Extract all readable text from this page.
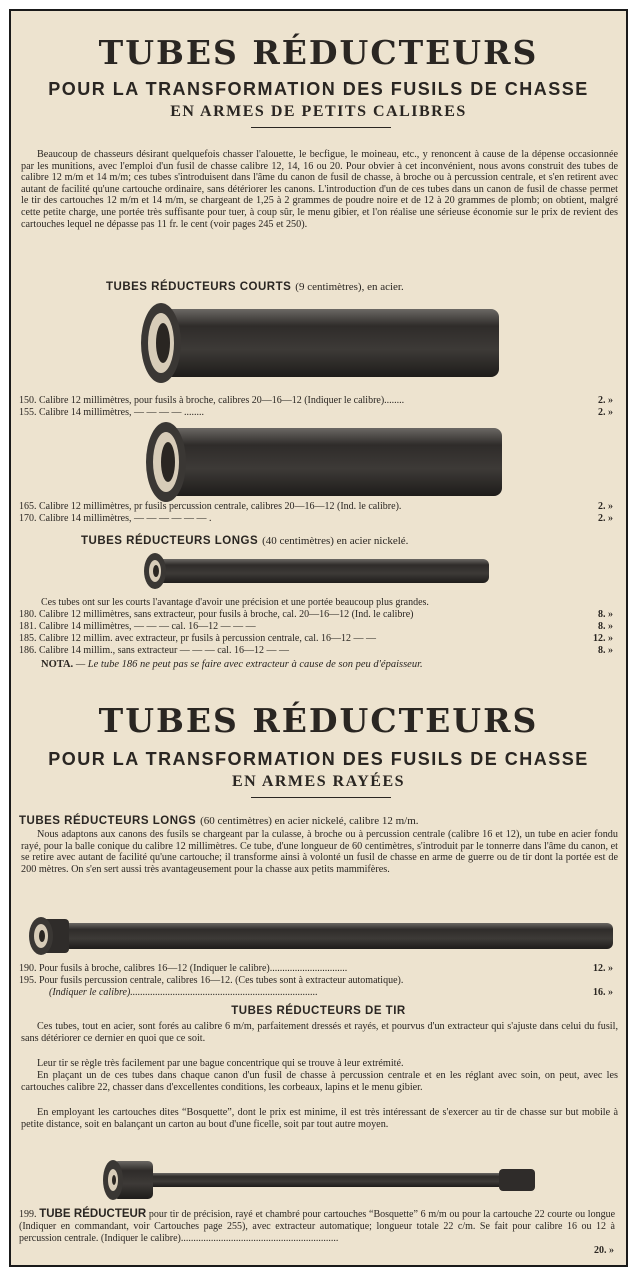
TUBES RÉDUCTEURS
POUR LA TRANSFORMATION DES FUSILS DE CHASSE
EN ARMES DE PETITS CALIBRES
Beaucoup de chasseurs désirant quelquefois chasser l'alouette, le becfigue, le moineau, etc., y renoncent à cause de la dépense occasionnée par les munitions, avec l'emploi d'un fusil de chasse calibre 12, 14, 16 ou 20. Pour obvier à cet inconvénient, nous avons construit des tubes de calibre 12 m/m et 14 m/m; ces tubes s'introduisent dans l'âme du canon de fusil de chasse, à broche ou à percussion centrale, et s'en retirent avec autant de facilité qu'une cartouche ordinaire, sans détériorer les canons. L'introduction d'un de ces tubes dans un canon de fusil de chasse permet le tir des cartouches 12 m/m et 14 m/m, se chargeant de 1,25 à 2 grammes de poudre noire et de 12 à 20 grammes de plomb; on obtient, malgré cette petite charge, une portée très suffisante pour tuer, à coup sûr, le menu gibier, et l'on réalise une sérieuse économie sur le prix de revient des cartouches lequel ne dépasse pas 11 fr. le cent (voir pages 245 et 250).
TUBES RÉDUCTEURS COURTS (9 centimètres), en acier.
150. Calibre 12 millimètres, pour fusils à broche, calibres 20—16—12 (Indiquer le calibre)........	2. »
155. Calibre 14 millimètres, — — — — ........	2. »
165. Calibre 12 millimètres, pr fusils percussion centrale, calibres 20—16—12 (Ind. le calibre).	2. »
170. Calibre 14 millimètres, — — — — — — .	2. »
TUBES RÉDUCTEURS LONGS (40 centimètres) en acier nickelé.
Ces tubes ont sur les courts l'avantage d'avoir une précision et une portée beaucoup plus grandes.
180. Calibre 12 millimètres, sans extracteur, pour fusils à broche, cal. 20—16—12 (Ind. le calibre)	8. »
181. Calibre 14 millimètres, — — — cal. 16—12 — — —	8. »
185. Calibre 12 millim. avec extracteur, pr fusils à percussion centrale, cal. 16—12 — —	12. »
186. Calibre 14 millim., sans extracteur — — — cal. 16—12 — —	8. »
NOTA. — Le tube 186 ne peut pas se faire avec extracteur à cause de son peu d'épaisseur.
TUBES RÉDUCTEURS
POUR LA TRANSFORMATION DES FUSILS DE CHASSE
EN ARMES RAYÉES
TUBES RÉDUCTEURS LONGS (60 centimètres) en acier nickelé, calibre 12 m/m.
Nous adaptons aux canons des fusils se chargeant par la culasse, à broche ou à percussion centrale (calibre 16 et 12), un tube en acier fondu rayé, pour la balle conique du calibre 12 millimètres. Ce tube, d'une longueur de 60 centimètres, s'introduit par le tonnerre dans l'âme du canon, et se retire avec autant de facilité qu'une cartouche; il transforme ainsi à volonté un fusil de chasse en arme de guerre ou de tir dont la portée est de 200 mètres. On s'en sert aussi très avantageusement pour la chasse aux petits mammifères.
190. Pour fusils à broche, calibres 16—12 (Indiquer le calibre)...............................	12. »
195. Pour fusils percussion centrale, calibres 16—12. (Ces tubes sont à extracteur automatique).
(Indiquer le calibre)...........................................................................	16. »
TUBES RÉDUCTEURS DE TIR
Ces tubes, tout en acier, sont forés au calibre 6 m/m, parfaitement dressés et rayés, et pourvus d'un extracteur qui s'ajuste dans celui du fusil, sans détériorer ce dernier en quoi que ce soit.
Leur tir se règle très facilement par une bague concentrique qui se trouve à leur extrémité.
En plaçant un de ces tubes dans chaque canon d'un fusil de chasse à percussion centrale et en les réglant avec soin, on peut, avec les cartouches calibre 22, chasser dans d'excellentes conditions, les corbeaux, lapins et le menu gibier.
En employant les cartouches dites “Bosquette”, dont le prix est minime, il est très intéressant de s'exercer au tir de chasse sur but mobile à petite distance, soit en balançant un carton au bout d'une ficelle, soit par tout autre moyen.
199. TUBE RÉDUCTEUR pour tir de précision, rayé et chambré pour cartouches “Bosquette” 6 m/m ou pour la cartouche 22 courte ou longue (Indiquer en commandant, voir Cartouches page 255), avec extracteur automatique; longueur totale 22 c/m. Se fait pour calibre 16 ou 12 à percussion centrale. (Indiquer le calibre)...............................................................
20. »
